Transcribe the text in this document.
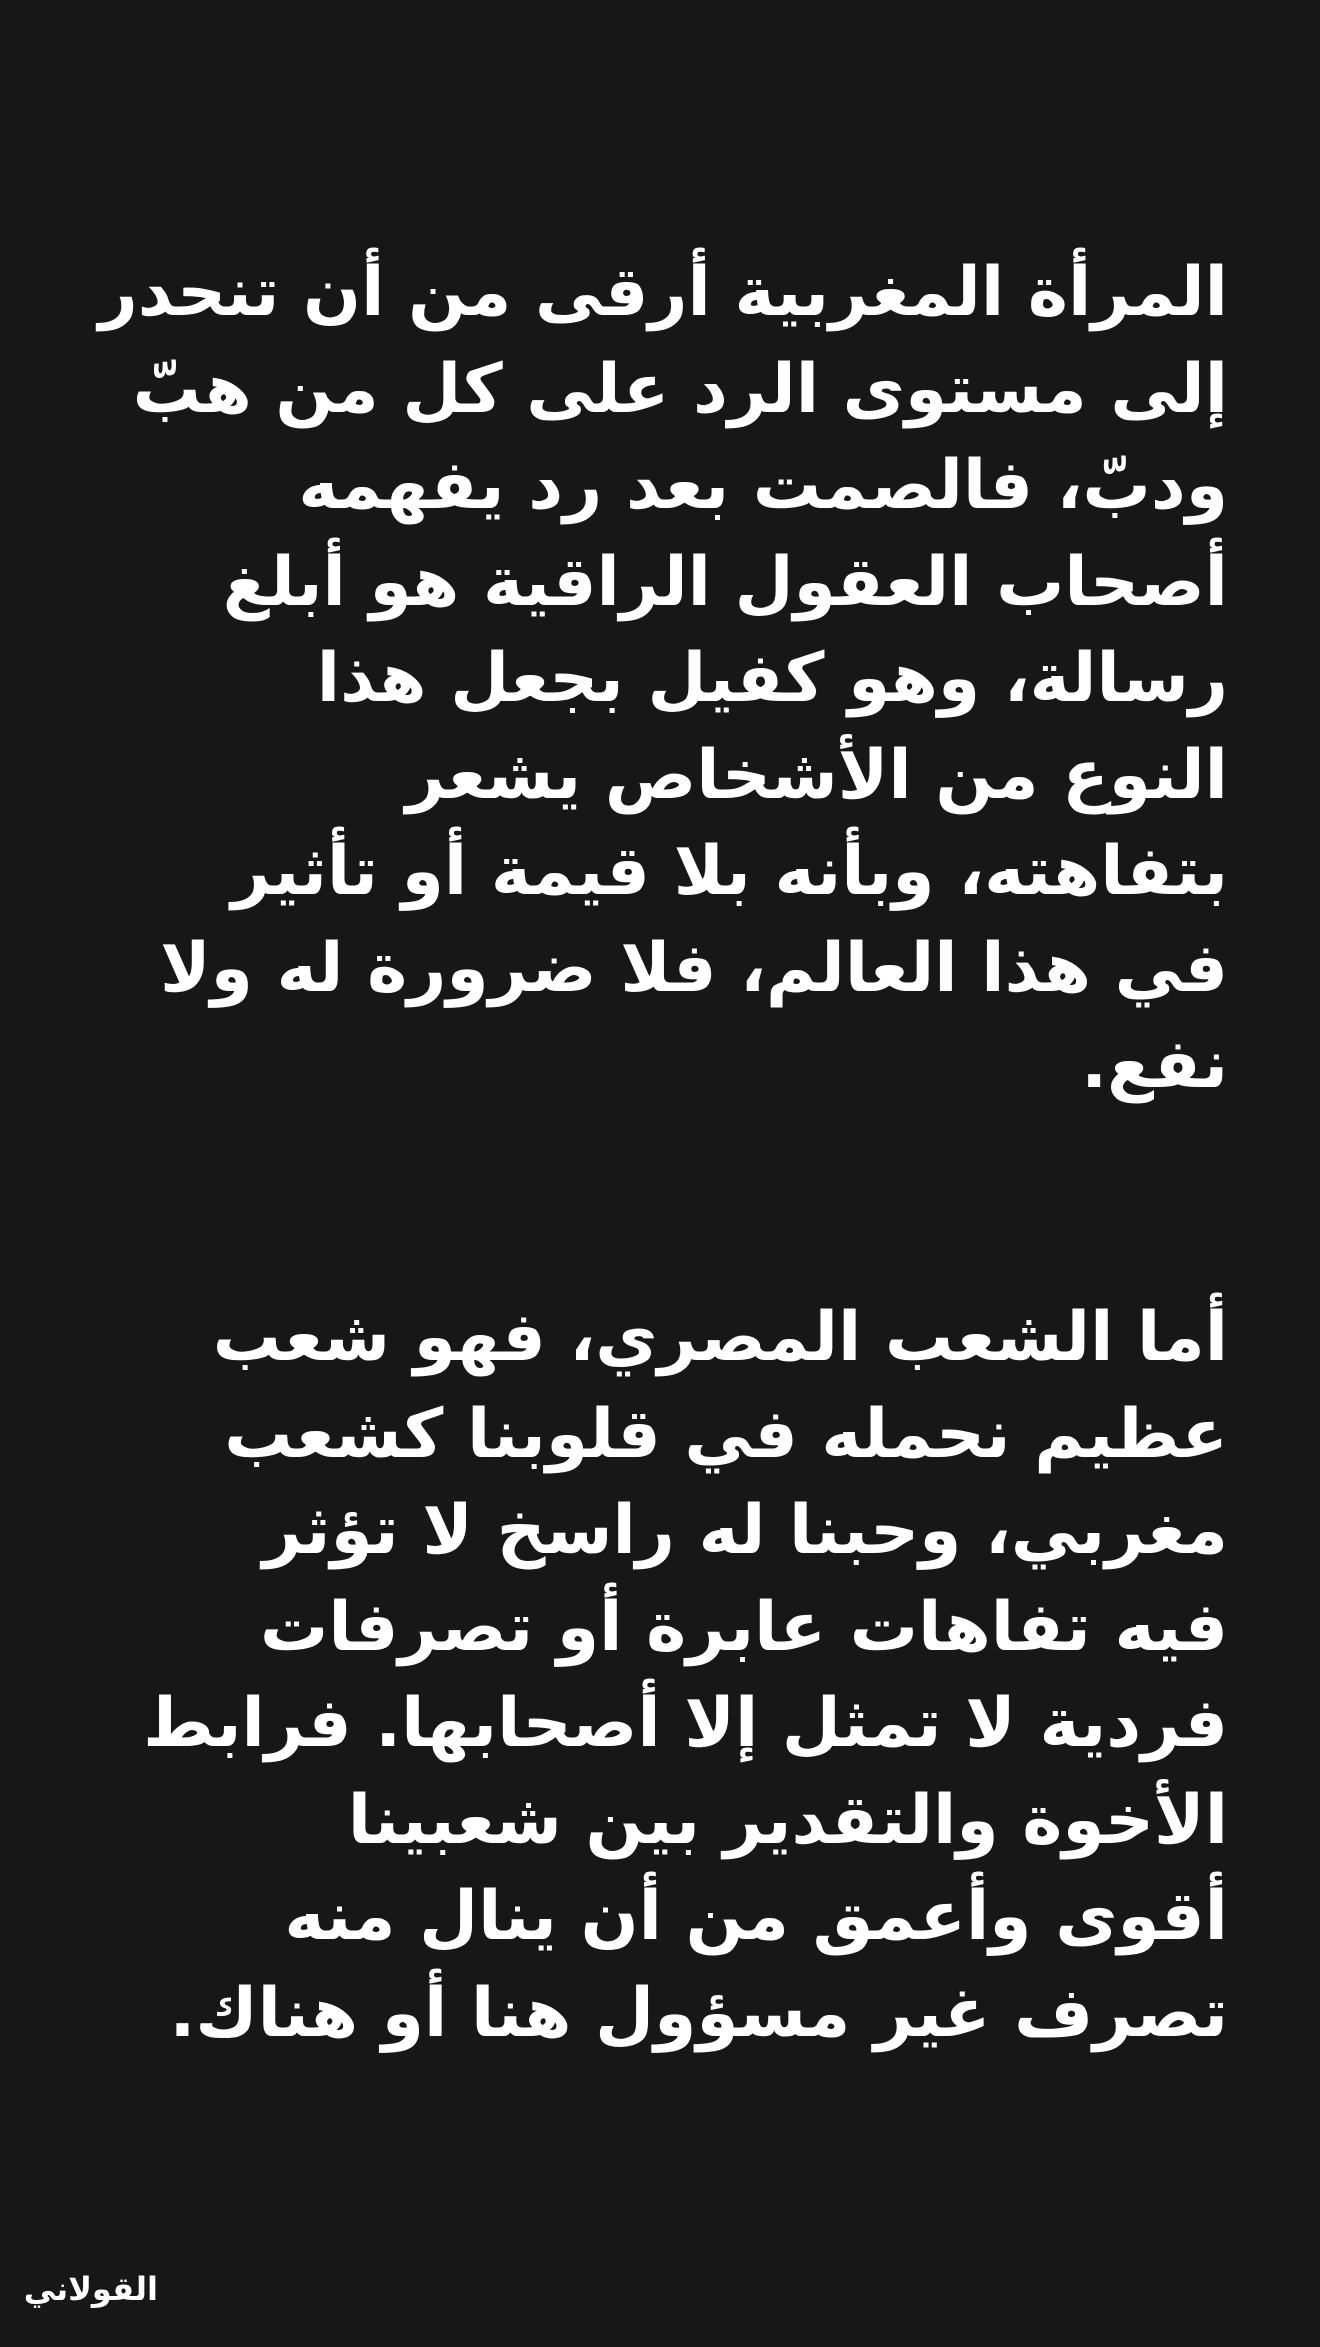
المرأة المغربية أرقى من أن تنحدر
إلى مستوى الرد على كل من هبّ
ودبّ، فالصمت بعد رد يفهمه
أصحاب العقول الراقية هو أبلغ
رسالة، وهو كفيل بجعل هذا
النوع من الأشخاص يشعر
بتفاهته، وبأنه بلا قيمة أو تأثير
في هذا العالم، فلا ضرورة له ولا
نفع.

أما الشعب المصري، فهو شعب
عظيم نحمله في قلوبنا كشعب
مغربي، وحبنا له راسخ لا تؤثر
فيه تفاهات عابرة أو تصرفات
فردية لا تمثل إلا أصحابها. فرابط
الأخوة والتقدير بين شعبينا
أقوى وأعمق من أن ينال منه
تصرف غير مسؤول هنا أو هناك.

القولاني
